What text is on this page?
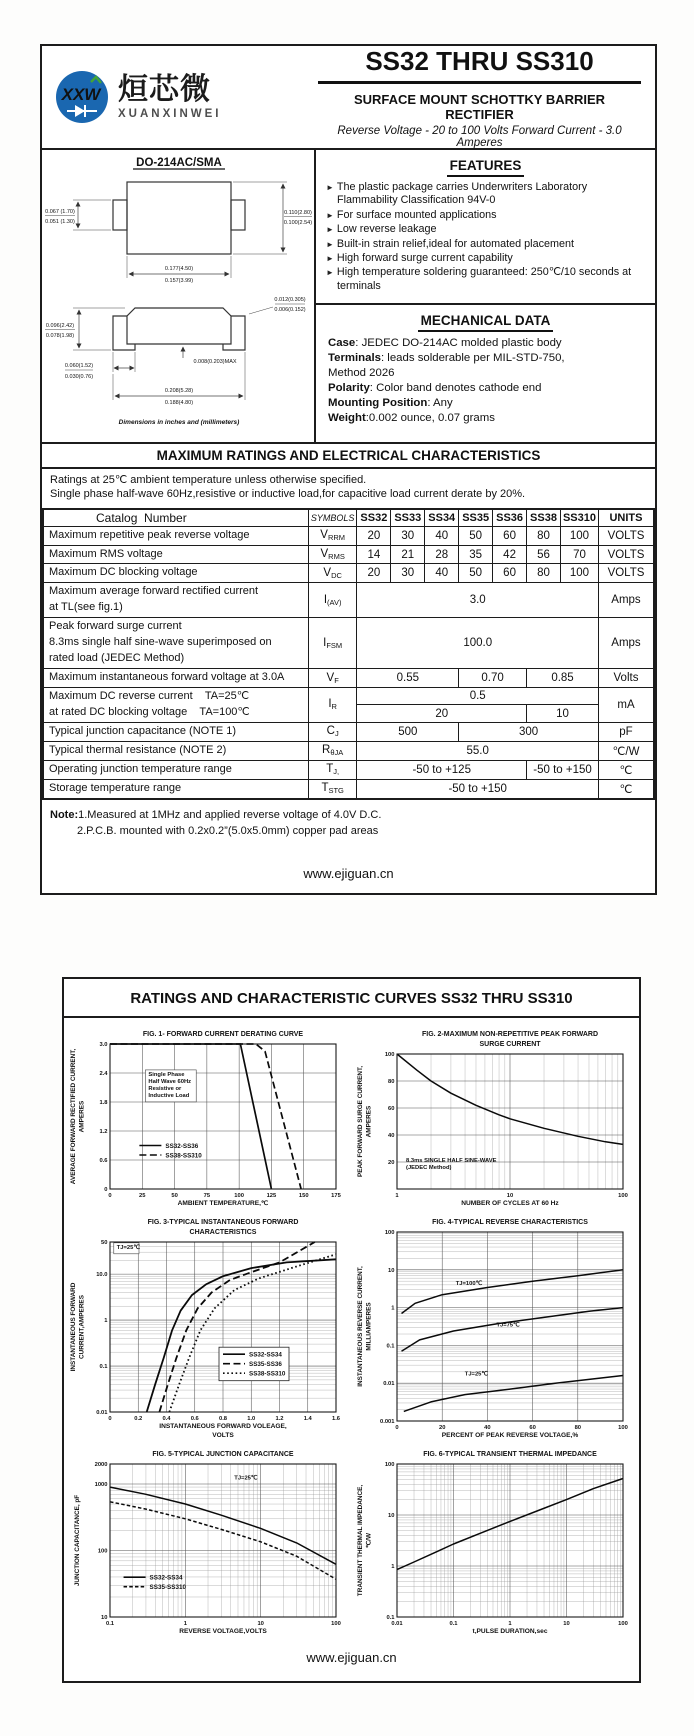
XXW 烜芯微
XUANXINWEI
SS32 THRU SS310
SURFACE MOUNT SCHOTTKY BARRIER RECTIFIER
Reverse Voltage - 20 to 100 Volts Forward Current - 3.0 Amperes
DO-214AC/SMA
0.110(2.80)
0.100(2.54)
0.067 (1.70)
0.051 (1.30)
0.177(4.50)
0.157(3.99)
0.012(0.305)
0.006(0.152)
0.096(2.42)
0.078(1.98)
0.060(1.52)
0.030(0.76)
0.008(0.203)MAX
0.208(5.28)
0.188(4.80)
Dimensions in inches and (millimeters)
FEATURES
► The plastic package carries Underwriters Laboratory Flammability Classification 94V-0
► For surface mounted applications
► Low reverse leakage
► Built-in strain relief,ideal for automated placement
► High forward surge current capability
► High temperature soldering guaranteed: 250℃/10 seconds at terminals
MECHANICAL DATA
Case: JEDEC DO-214AC molded plastic body
Terminals: leads solderable per MIL-STD-750,
Method 2026
Polarity: Color band denotes cathode end
Mounting Position: Any
Weight:0.002 ounce, 0.07 grams
MAXIMUM RATINGS AND ELECTRICAL CHARACTERISTICS
Ratings at 25℃ ambient temperature unless otherwise specified.
Single phase half-wave 60Hz,resistive or inductive load,for capacitive load current derate by 20%.
Catalog  Number	SYMBOLS	SS32	SS33	SS34	SS35	SS36	SS38	SS310	UNITS

Maximum repetitive peak reverse voltage	VRRM	20	30	40	50	60	80	100	VOLTS

Maximum RMS voltage	VRMS	14	21	28	35	42	56	70	VOLTS

Maximum DC blocking voltage	VDC	20	30	40	50	60	80	100	VOLTS

Maximum average forward rectified current
at TL(see fig.1)	I(AV)	3.0							Amps

Peak forward surge current
8.3ms single half sine-wave superimposed on
rated load (JEDEC Method)	IFSM	100.0							Amps

Maximum instantaneous forward voltage at 3.0A	VF	0.55			0.70		0.85		Volts

Maximum DC reverse current    TA=25℃
at rated DC blocking voltage    TA=100℃	IR	0.5							mA
		20					10		

Typical junction capacitance (NOTE 1)	CJ	500			300				pF

Typical thermal resistance (NOTE 2)	RθJA	55.0							℃/W

Operating junction temperature range	TJ,	-50 to +125					-50 to +150		℃

Storage temperature range	TSTG	-50 to +150							℃
Note:1.Measured at 1MHz and applied reverse voltage of 4.0V D.C.
2.P.C.B. mounted with 0.2x0.2”(5.0x5.0mm) copper pad areas
www.ejiguan.cn
RATINGS AND CHARACTERISTIC CURVES SS32 THRU SS310
FIG. 1- FORWARD CURRENT DERATING CURVE
0	25	50	75	100	125	150	175
0
0.6
1.2
1.8
2.4
3.0
AMBIENT TEMPERATURE,℃
AVERAGE FORWARD RECTIFIED CURRENT, AMPERES
Single Phase
Half Wave 60Hz
Resistive or
Inductive Load
SS32-SS36
SS38-SS310
FIG. 2-MAXIMUM NON-REPETITIVE PEAK FORWARD
SURGE CURRENT
1	10	100
20
40
60
80
100
NUMBER OF CYCLES AT 60 Hz
PEAK FORWARD SURGE CURRENT, AMPERES
8.3ms SINGLE HALF SINE-WAVE
(JEDEC Method)
FIG. 3-TYPICAL INSTANTANEOUS FORWARD
CHARACTERISTICS
0	0.2	0.4	0.6	0.8	1.0	1.2	1.4	1.6
0.01
0.1
1
10.0
50
INSTANTANEOUS FORWARD VOLEAGE,
VOLTS
INSTANTANEOUS FORWARD CURRENT,AMPERES
TJ=25℃
SS32-SS34
SS35-SS36
SS38-SS310
FIG. 4-TYPICAL REVERSE CHARACTERISTICS
0	20	40	60	80	100
0.001
0.01
0.1
1
10
100
PERCENT OF PEAK REVERSE VOLTAGE,%
INSTANTANEOUS REVERSE CURRENT, MILLIAMPERES
TJ=100℃
TJ=75℃
TJ=25℃
FIG. 5-TYPICAL JUNCTION CAPACITANCE
0.1	1	10	100
10
100
1000
2000
REVERSE VOLTAGE,VOLTS
JUNCTION CAPACITANCE, pF
TJ=25℃
SS32-SS34
SS35-SS310
FIG. 6-TYPICAL TRANSIENT THERMAL IMPEDANCE
0.01	0.1	1	10	100
0.1
1
10
100
t,PULSE DURATION,sec
TRANSIENT THERMAL IMPEDANCE, ℃/W
www.ejiguan.cn
